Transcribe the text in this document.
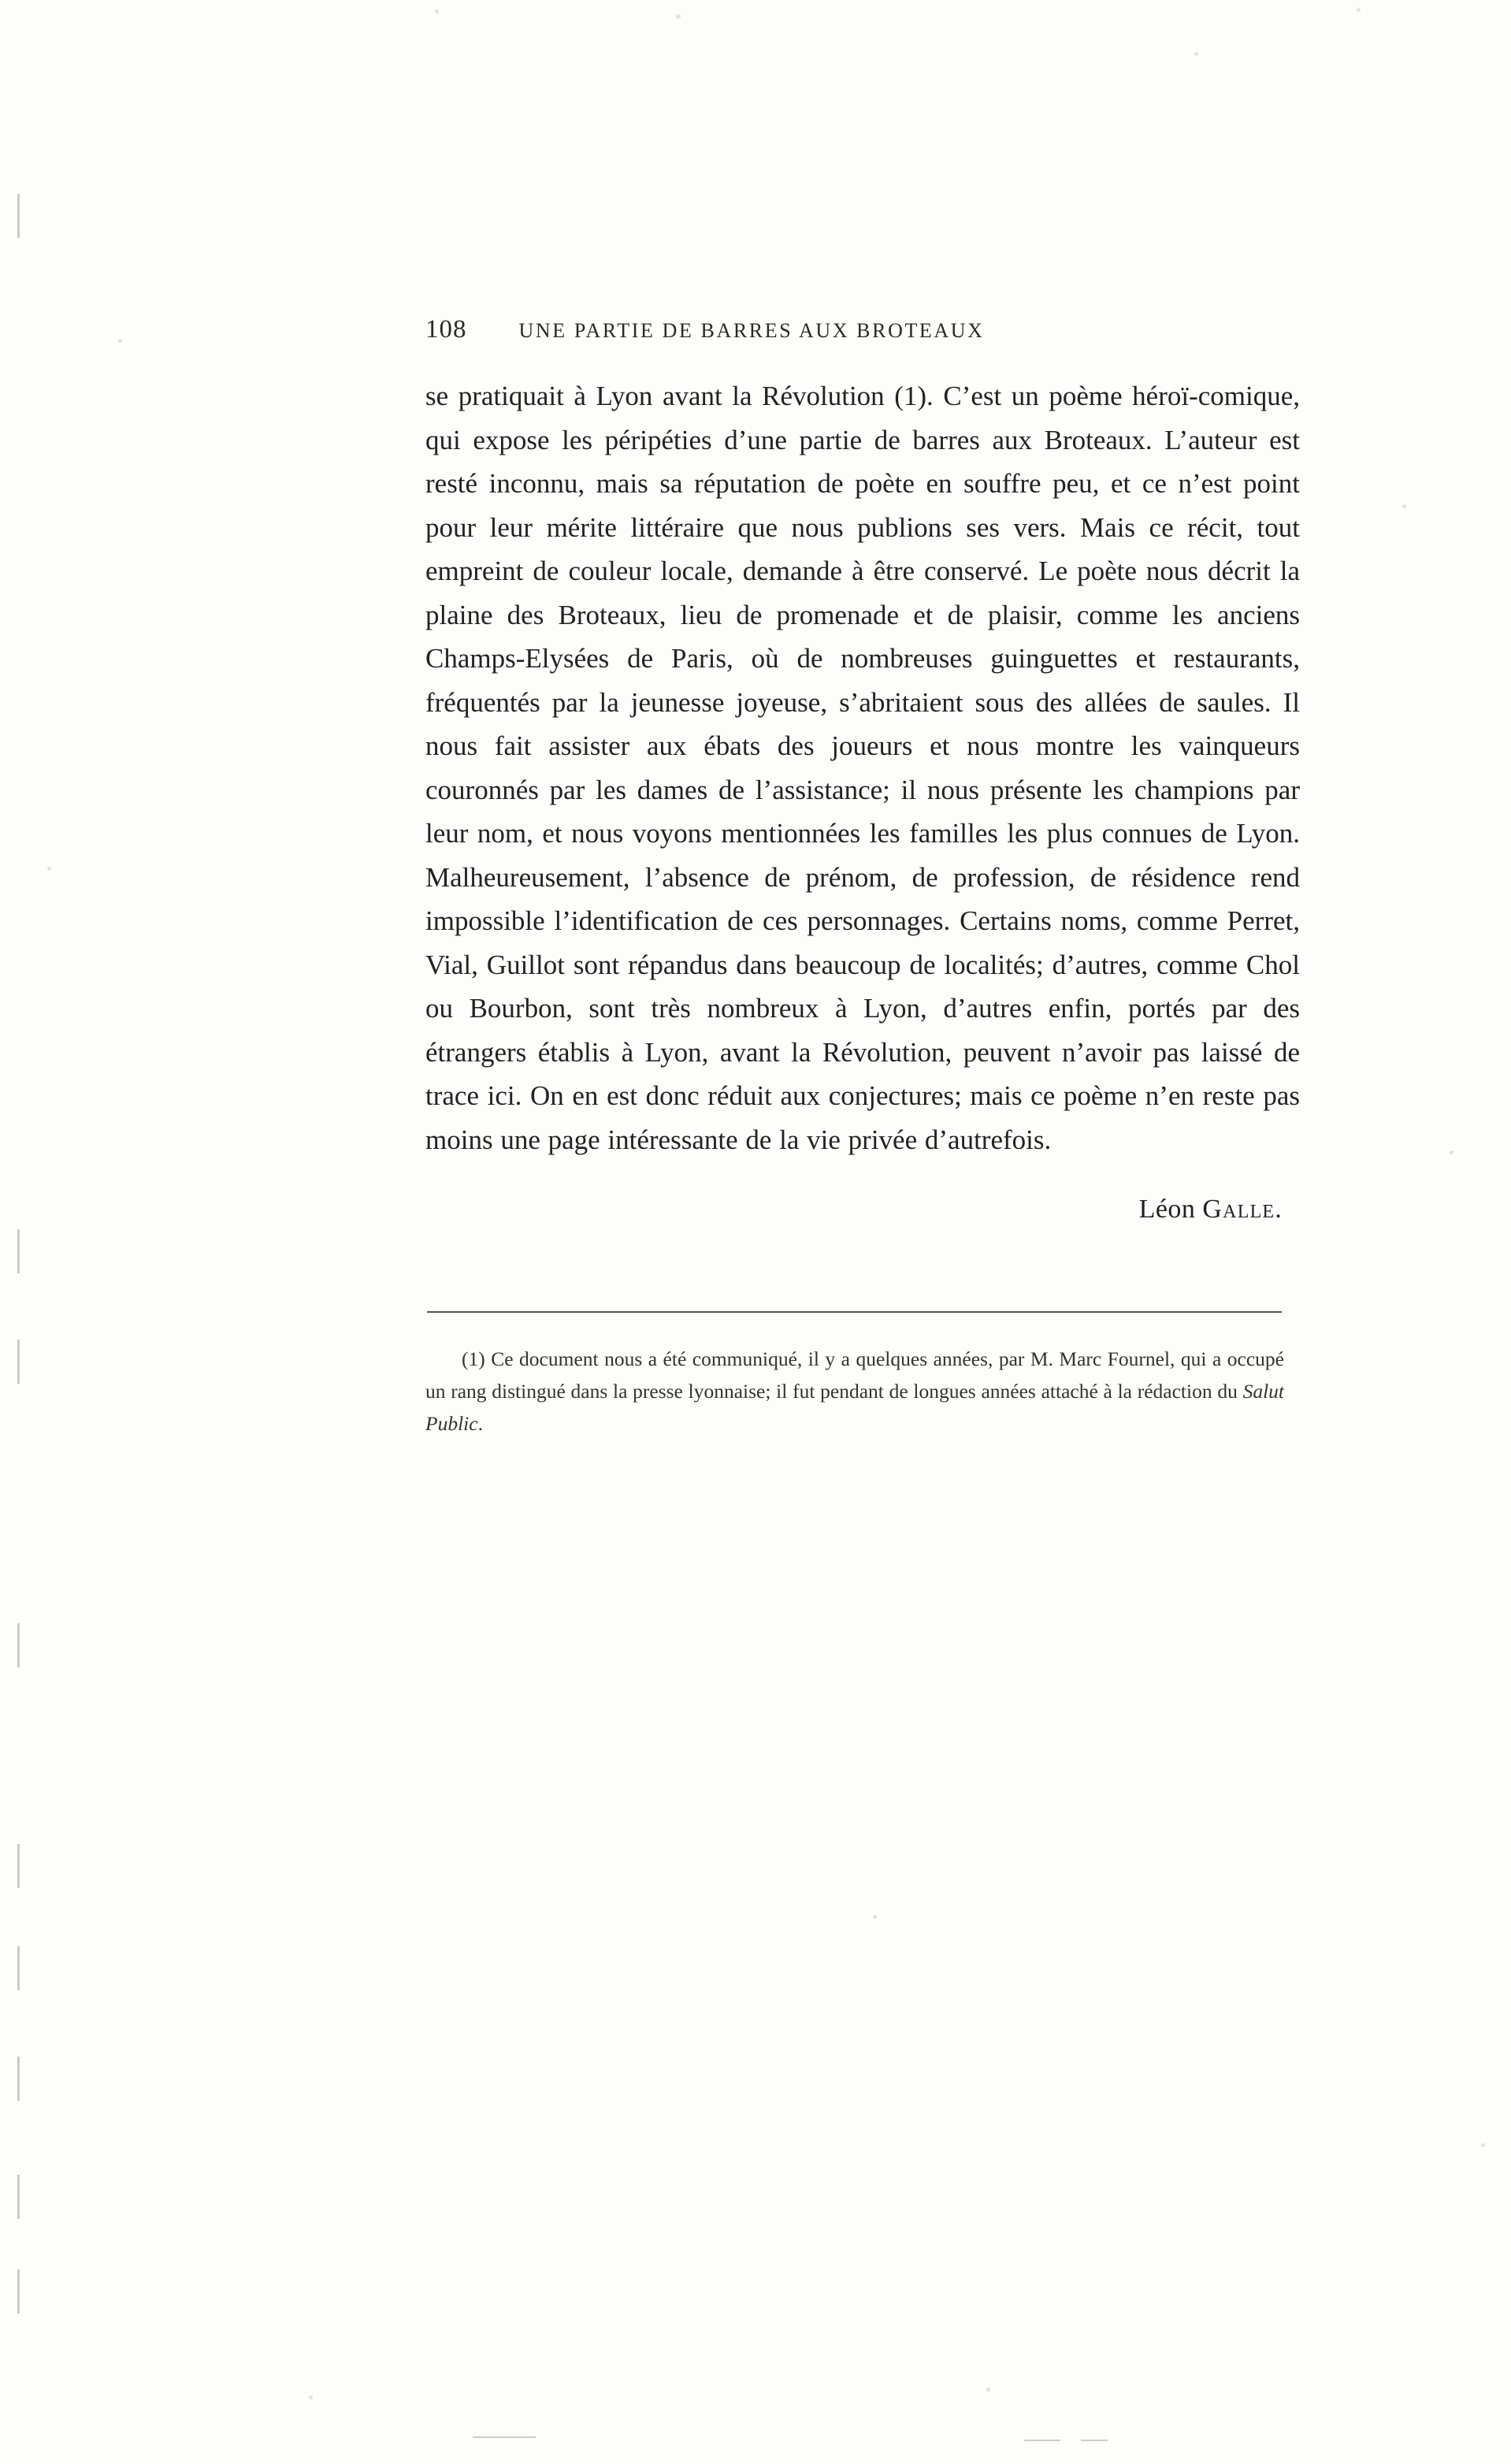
108	UNE PARTIE DE BARRES AUX BROTEAUX

se pratiquait à Lyon avant la Révolution (1). C’est un poème héroï-comique, qui expose les péripéties d’une partie de barres aux Broteaux. L’auteur est resté inconnu, mais sa réputation de poète en souffre peu, et ce n’est point pour leur mérite littéraire que nous publions ses vers. Mais ce récit, tout empreint de couleur locale, demande à être conservé. Le poète nous décrit la plaine des Broteaux, lieu de promenade et de plaisir, comme les anciens Champs-Elysées de Paris, où de nombreuses guinguettes et restaurants, fréquentés par la jeunesse joyeuse, s’abritaient sous des allées de saules. Il nous fait assister aux ébats des joueurs et nous montre les vainqueurs couronnés par les dames de l’assistance; il nous présente les champions par leur nom, et nous voyons mentionnées les familles les plus connues de Lyon. Malheureusement, l’absence de prénom, de profession, de résidence rend impossible l’identification de ces personnages. Certains noms, comme Perret, Vial, Guillot sont répandus dans beaucoup de localités; d’autres, comme Chol ou Bourbon, sont très nombreux à Lyon, d’autres enfin, portés par des étrangers établis à Lyon, avant la Révolution, peuvent n’avoir pas laissé de trace ici. On en est donc réduit aux conjectures; mais ce poème n’en reste pas moins une page intéressante de la vie privée d’autrefois.

Léon Galle.
(1) Ce document nous a été communiqué, il y a quelques années, par M. Marc Fournel, qui a occupé un rang distingué dans la presse lyonnaise; il fut pendant de longues années attaché à la rédaction du Salut Public.
